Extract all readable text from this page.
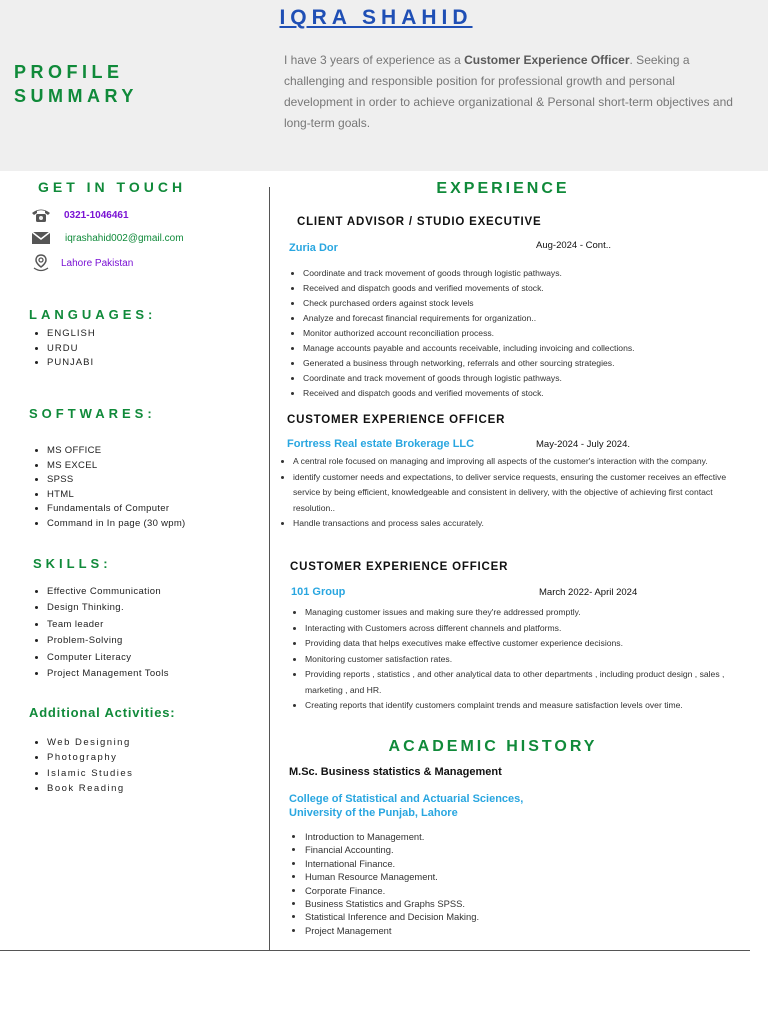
IQRA SHAHID
PROFILE
SUMMARY

I have 3 years of experience as a Customer Experience Officer. Seeking a challenging and responsible position for professional growth and personal development in order to achieve organizational & Personal short-term objectives and long-term goals.

GET IN TOUCH
0321-1046461
iqrashahid002@gmail.com
Lahore Pakistan
LANGUAGES:
• ENGLISH
• URDU
• PUNJABI
SOFTWARES:
• MS OFFICE
• MS EXCEL
• SPSS
• HTML
• Fundamentals of Computer
• Command in In page (30 wpm)
SKILLS:
• Effective Communication
• Design Thinking.
• Team leader
• Problem-Solving
• Computer Literacy
• Project Management Tools
Additional Activities:
• Web Designing
• Photography
• Islamic Studies
• Book Reading
EXPERIENCE
CLIENT ADVISOR / STUDIO EXECUTIVE
Zuria Dor	Aug-2024 - Cont..
• Coordinate and track movement of goods through logistic pathways.
• Received and dispatch goods and verified movements of stock.
• Check purchased orders against stock levels
• Analyze and forecast financial requirements for organization..
• Monitor authorized account reconciliation process.
• Manage accounts payable and accounts receivable, including invoicing and collections.
• Generated a business through networking, referrals and other sourcing strategies.
• Coordinate and track movement of goods through logistic pathways.
• Received and dispatch goods and verified movements of stock.
CUSTOMER EXPERIENCE OFFICER
Fortress Real estate Brokerage LLC	May-2024 - July 2024.
• A central role focused on managing and improving all aspects of the customer's interaction with the company.
• identify customer needs and expectations, to deliver service requests, ensuring the customer receives an effective service by being efficient, knowledgeable and consistent in delivery, with the objective of achieving first contact resolution..
• Handle transactions and process sales accurately.
CUSTOMER EXPERIENCE OFFICER
101 Group	March 2022- April 2024
• Managing customer issues and making sure they're addressed promptly.
• Interacting with Customers across different channels and platforms.
• Providing data that helps executives make effective customer experience decisions.
• Monitoring customer satisfaction rates.
• Providing reports , statistics , and other analytical data to other departments , including product design , sales , marketing , and HR.
• Creating reports that identify customers complaint trends and measure satisfaction levels over time.
ACADEMIC HISTORY
M.Sc. Business statistics & Management
College of Statistical and Actuarial Sciences,
University of the Punjab, Lahore
• Introduction to Management.
• Financial Accounting.
• International Finance.
• Human Resource Management.
• Corporate Finance.
• Business Statistics and Graphs SPSS.
• Statistical Inference and Decision Making.
• Project Management
